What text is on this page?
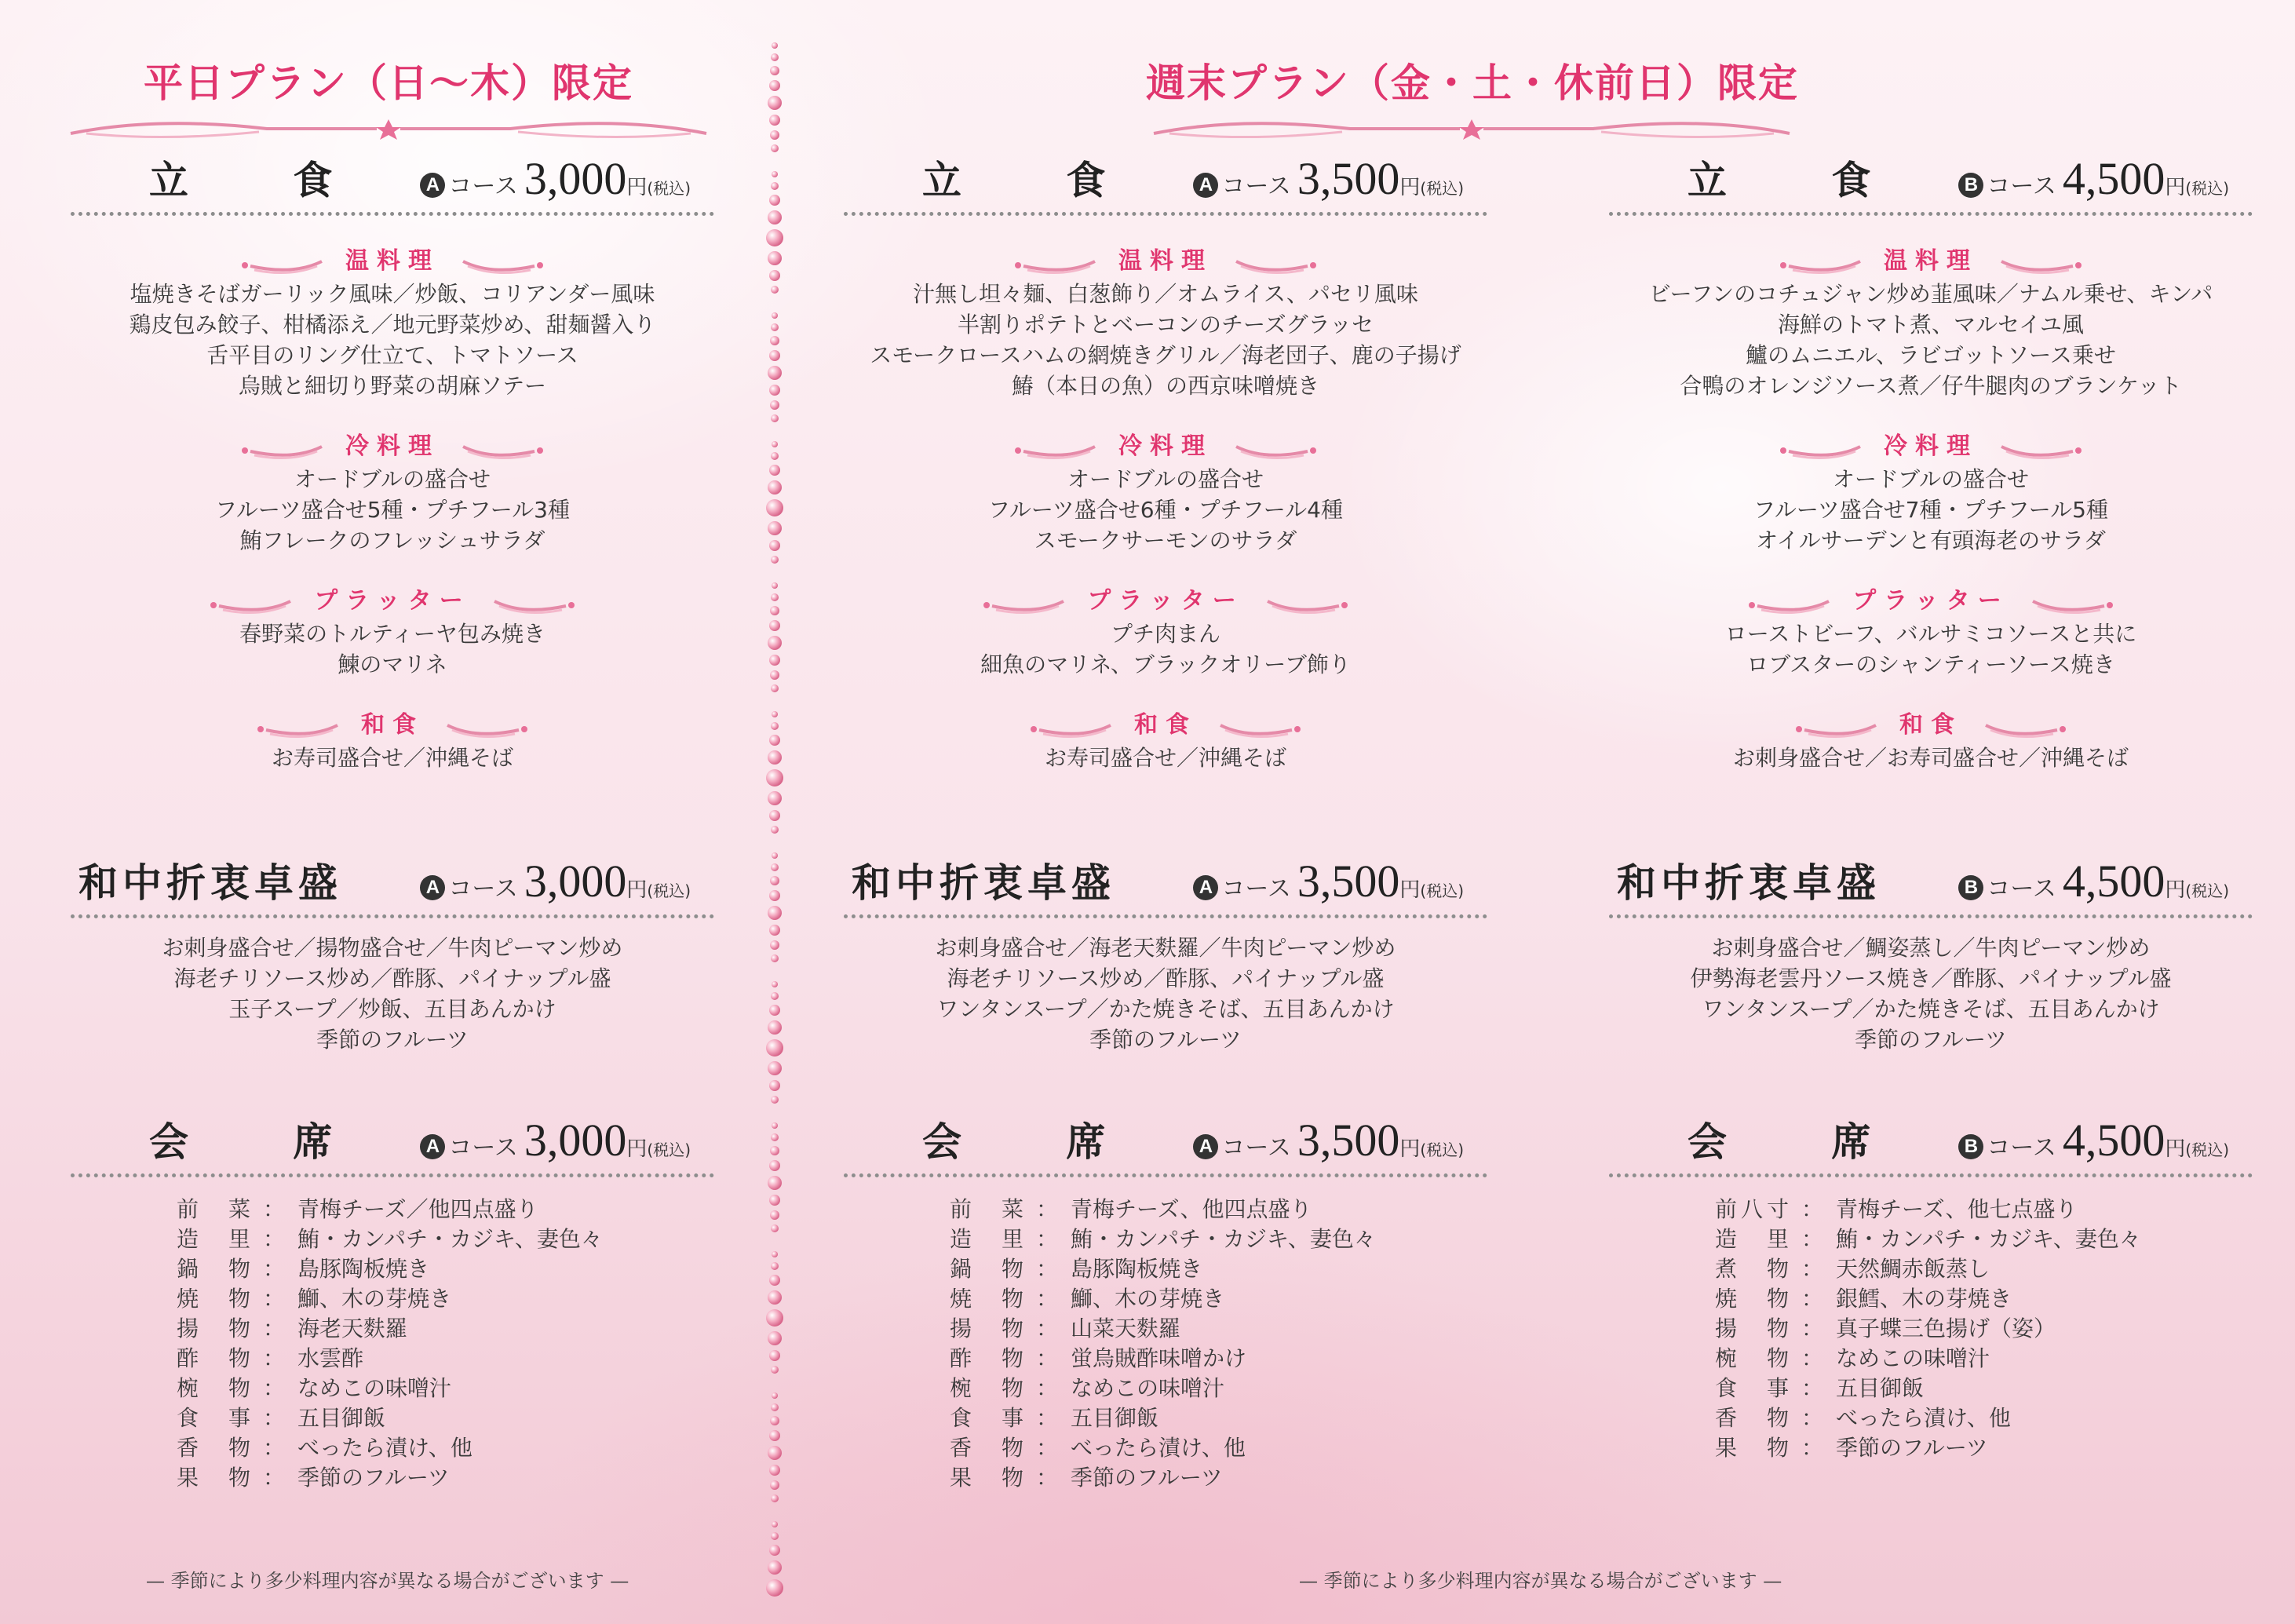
平日プラン（日〜木）限定	週末プラン（金・土・休前日）限定
立 食	A コース 3,000 円 (税込)
温料理
塩焼きそばガーリック風味／炒飯、コリアンダー風味
鶏皮包み餃子、柑橘添え／地元野菜炒め、甜麺醤入り
舌平目のリング仕立て、トマトソース
烏賊と細切り野菜の胡麻ソテー
冷料理
オードブルの盛合せ
フルーツ盛合せ5種・プチフール3種
鮪フレークのフレッシュサラダ
プラッター
春野菜のトルティーヤ包み焼き
鰊のマリネ
和食
お寿司盛合せ／沖縄そば
和中折衷卓盛	A コース 3,000 円 (税込)
お刺身盛合せ／揚物盛合せ／牛肉ピーマン炒め
海老チリソース炒め／酢豚、パイナップル盛
玉子スープ／炒飯、五目あんかけ
季節のフルーツ
会 席	A コース 3,000 円 (税込)
前菜 ： 青梅チーズ／他四点盛り
造里 ： 鮪・カンパチ・カジキ、妻色々
鍋物 ： 島豚陶板焼き
焼物 ： 鰤、木の芽焼き
揚物 ： 海老天麩羅
酢物 ： 水雲酢
椀物 ： なめこの味噌汁
食事 ： 五目御飯
香物 ： べったら漬け、他
果物 ： 季節のフルーツ
立 食	A コース 3,500 円 (税込)
温料理
汁無し坦々麺、白葱飾り／オムライス、パセリ風味
半割りポテトとベーコンのチーズグラッセ
スモークロースハムの網焼きグリル／海老団子、鹿の子揚げ
鰆（本日の魚）の西京味噌焼き
冷料理
オードブルの盛合せ
フルーツ盛合せ6種・プチフール4種
スモークサーモンのサラダ
プラッター
プチ肉まん
細魚のマリネ、ブラックオリーブ飾り
和食
お寿司盛合せ／沖縄そば
和中折衷卓盛	A コース 3,500 円 (税込)
お刺身盛合せ／海老天麩羅／牛肉ピーマン炒め
海老チリソース炒め／酢豚、パイナップル盛
ワンタンスープ／かた焼きそば、五目あんかけ
季節のフルーツ
会 席	A コース 3,500 円 (税込)
前菜 ： 青梅チーズ、他四点盛り
造里 ： 鮪・カンパチ・カジキ、妻色々
鍋物 ： 島豚陶板焼き
焼物 ： 鰤、木の芽焼き
揚物 ： 山菜天麩羅
酢物 ： 蛍烏賊酢味噌かけ
椀物 ： なめこの味噌汁
食事 ： 五目御飯
香物 ： べったら漬け、他
果物 ： 季節のフルーツ
立 食	B コース 4,500 円 (税込)
温料理
ビーフンのコチュジャン炒め韮風味／ナムル乗せ、キンパ
海鮮のトマト煮、マルセイユ風
鱸のムニエル、ラビゴットソース乗せ
合鴨のオレンジソース煮／仔牛腿肉のブランケット
冷料理
オードブルの盛合せ
フルーツ盛合せ7種・プチフール5種
オイルサーデンと有頭海老のサラダ
プラッター
ローストビーフ、バルサミコソースと共に
ロブスターのシャンティーソース焼き
和食
お刺身盛合せ／お寿司盛合せ／沖縄そば
和中折衷卓盛	B コース 4,500 円 (税込)
お刺身盛合せ／鯛姿蒸し／牛肉ピーマン炒め
伊勢海老雲丹ソース焼き／酢豚、パイナップル盛
ワンタンスープ／かた焼きそば、五目あんかけ
季節のフルーツ
会 席	B コース 4,500 円 (税込)
前八寸 ： 青梅チーズ、他七点盛り
造里 ： 鮪・カンパチ・カジキ、妻色々
煮物 ： 天然鯛赤飯蒸し
焼物 ： 銀鱈、木の芽焼き
揚物 ： 真子蝶三色揚げ（姿）
椀物 ： なめこの味噌汁
食事 ： 五目御飯
香物 ： べったら漬け、他
果物 ： 季節のフルーツ
— 季節により多少料理内容が異なる場合がございます —	— 季節により多少料理内容が異なる場合がございます —
